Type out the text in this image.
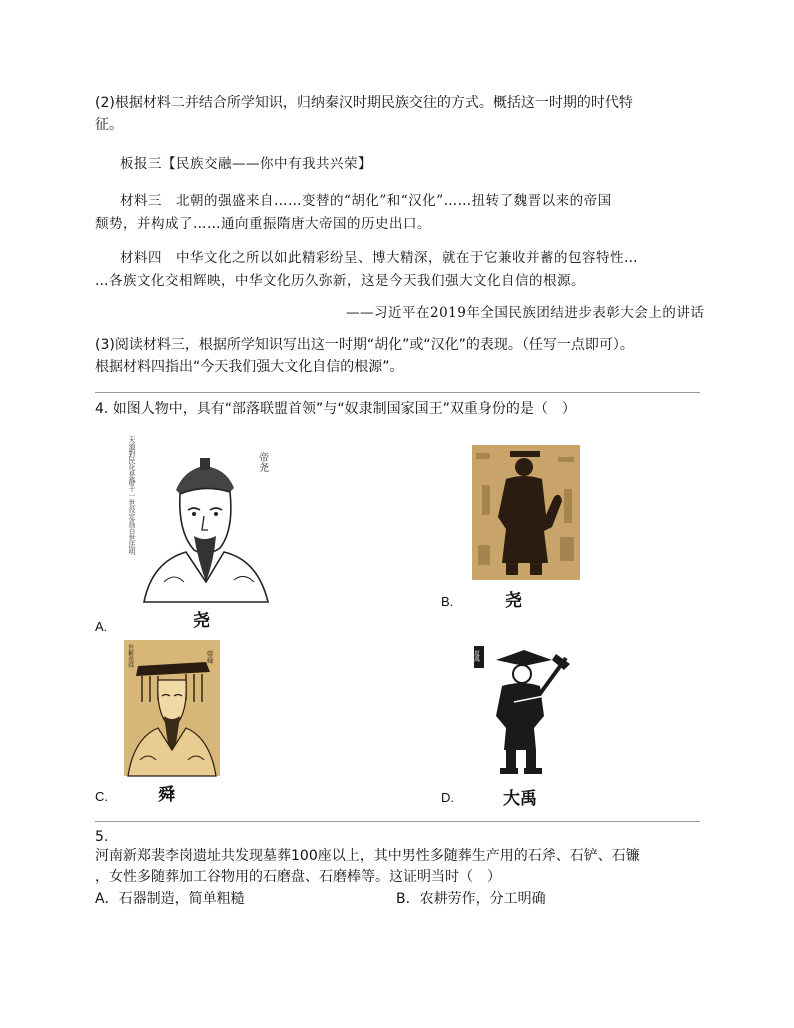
(2)根据材料二并结合所学知识，归纳秦汉时期民族交往的方式。概括这一时期的时代特
征。
板报三【民族交融——你中有我共兴荣】
材料三　北朝的强盛来自……变替的“胡化”和“汉化”……扭转了魏晋以来的帝国
颓势，并构成了……通向重振隋唐大帝国的历史出口。
材料四　中华文化之所以如此精彩纷呈、博大精深，就在于它兼收并蓄的包容特性…
…各族文化交相辉映，中华文化历久弥新，这是今天我们强大文化自信的根源。
——习近平在2019年全国民族团结进步表彰大会上的讲话
(3)阅读材料三，根据所学知识写出这一时期“胡化”或“汉化”的表现。（任写一点即可）。
根据材料四指出“今天我们强大文化自信的根源”。
4. 如图人物中，具有“部落联盟首领”与“奴隶制国家国王”双重身份的是（　）
帝尧
天道對民化是静千一世役定爲百世法明
尧
A.
尧
B.
帝舜
世稱堯舜
舜
C.
夏禹
大禹
D.
5.
河南新郑裴李岗遗址共发现墓葬100座以上，其中男性多随葬生产用的石斧、石铲、石镰
，女性多随葬加工谷物用的石磨盘、石磨棒等。这证明当时（　）
A．石器制造，简单粗糙	B．农耕劳作，分工明确
